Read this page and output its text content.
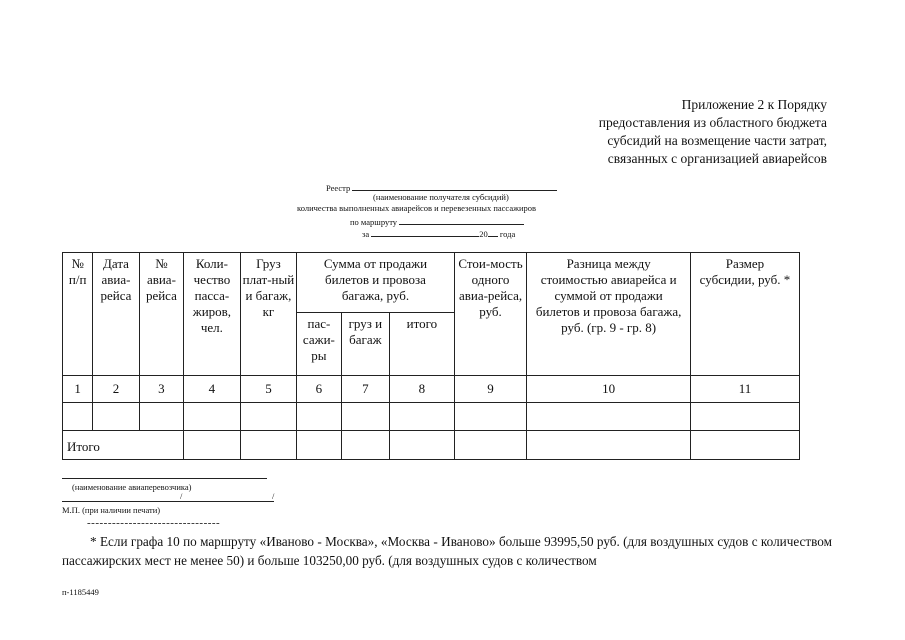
Приложение 2 к Порядку
предоставления из областного бюджета
субсидий на возмещение части затрат,
связанных с организацией авиарейсов
Реестр
(наименование получателя субсидий)
количества выполненных авиарейсов и перевезенных пассажиров
по маршруту
за	20 года
№ п/п	Дата авиа-рейса	№ авиа-рейса	Коли-чество пасса-жиров, чел.	Груз плат-ный и багаж, кг	Сумма от продажи билетов и провоза багажа, руб.			Стои-мость одного авиа-рейса, руб.	Разница между стоимостью авиарейса и суммой от продажи билетов и провоза багажа, руб. (гр. 9 - гр. 8)	Размер субсидии, руб. *
					пас-сажи-ры	груз и багаж	итого			
1	2	3	4	5	6	7	8	9	10	11

Итого										
(наименование авиаперевозчика)
/	/
М.П. (при наличии печати)
--------------------------------
* Если графа 10 по маршруту «Иваново - Москва», «Москва - Иваново» больше 93995,50 руб. (для воздушных судов с количеством пассажирских мест не менее 50) и больше 103250,00 руб. (для воздушных судов с количеством
п-1185449
